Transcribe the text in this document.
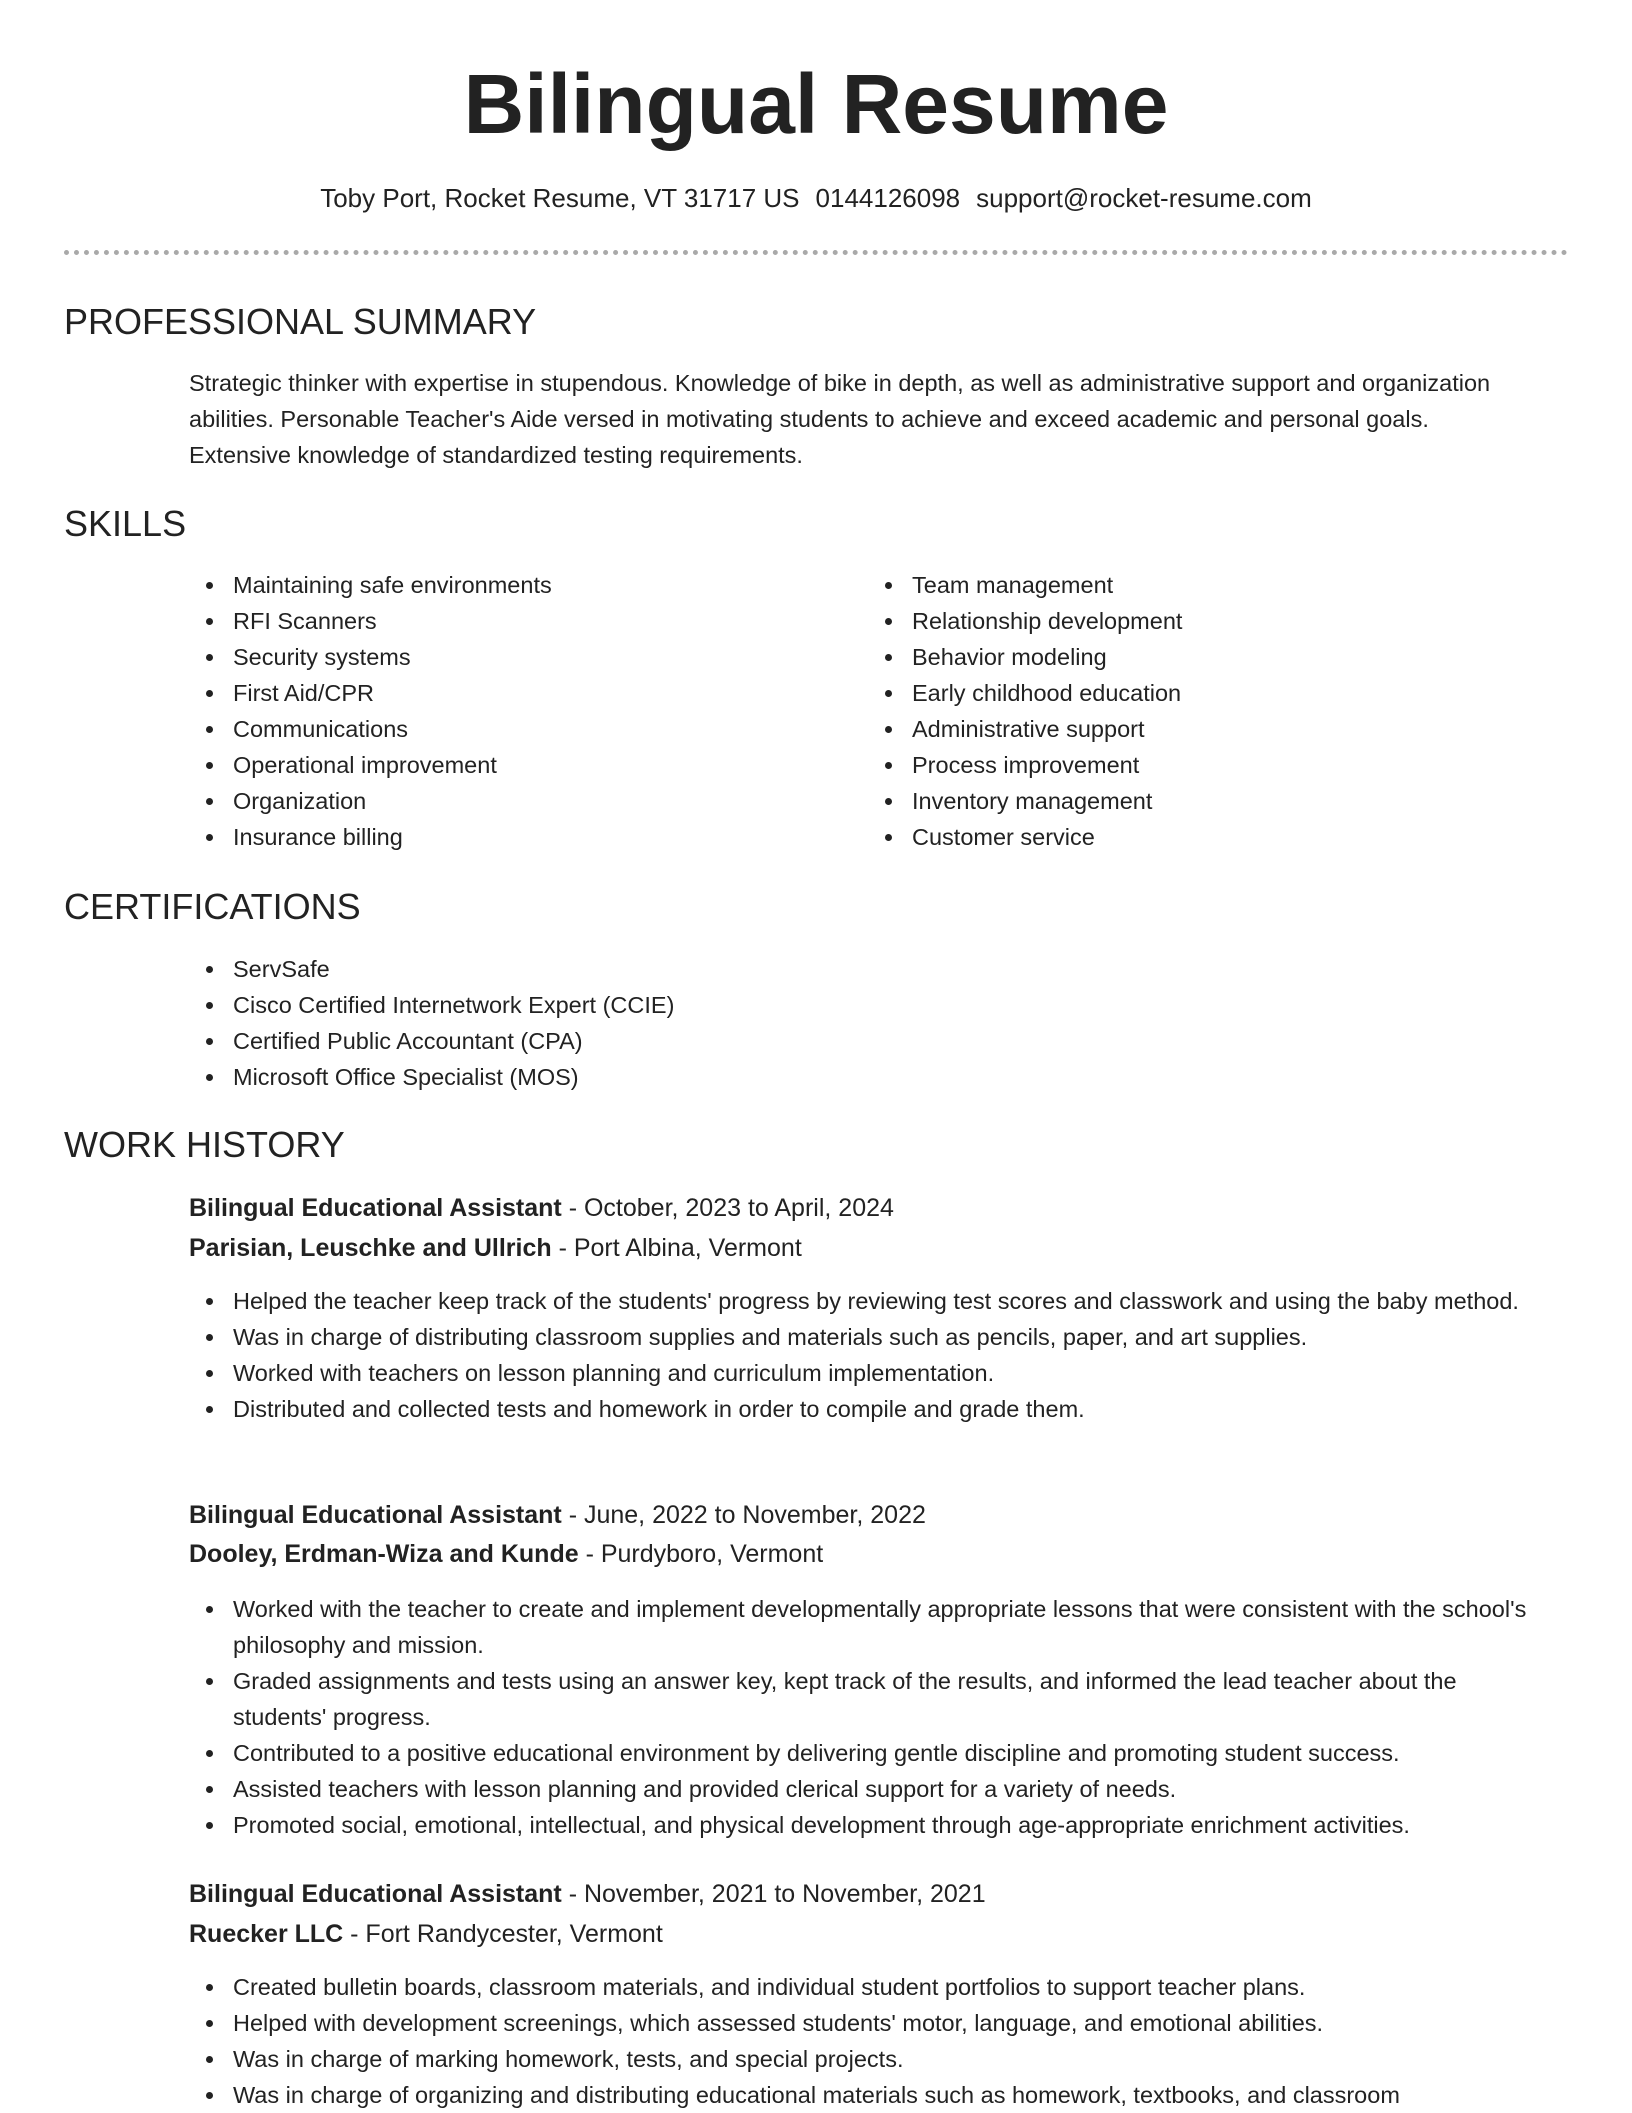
Bilingual Resume
Toby Port, Rocket Resume, VT 31717 US 0144126098 support@rocket-resume.com
PROFESSIONAL SUMMARY
Strategic thinker with expertise in stupendous. Knowledge of bike in depth, as well as administrative support and organization abilities. Personable Teacher's Aide versed in motivating students to achieve and exceed academic and personal goals. Extensive knowledge of standardized testing requirements.
SKILLS
Maintaining safe environments
RFI Scanners
Security systems
First Aid/CPR
Communications
Operational improvement
Organization
Insurance billing
Team management
Relationship development
Behavior modeling
Early childhood education
Administrative support
Process improvement
Inventory management
Customer service
CERTIFICATIONS
ServSafe
Cisco Certified Internetwork Expert (CCIE)
Certified Public Accountant (CPA)
Microsoft Office Specialist (MOS)
WORK HISTORY
Bilingual Educational Assistant - October, 2023 to April, 2024
Parisian, Leuschke and Ullrich - Port Albina, Vermont
Helped the teacher keep track of the students' progress by reviewing test scores and classwork and using the baby method.
Was in charge of distributing classroom supplies and materials such as pencils, paper, and art supplies.
Worked with teachers on lesson planning and curriculum implementation.
Distributed and collected tests and homework in order to compile and grade them.
Bilingual Educational Assistant - June, 2022 to November, 2022
Dooley, Erdman-Wiza and Kunde - Purdyboro, Vermont
Worked with the teacher to create and implement developmentally appropriate lessons that were consistent with the school's philosophy and mission.
Graded assignments and tests using an answer key, kept track of the results, and informed the lead teacher about the students' progress.
Contributed to a positive educational environment by delivering gentle discipline and promoting student success.
Assisted teachers with lesson planning and provided clerical support for a variety of needs.
Promoted social, emotional, intellectual, and physical development through age-appropriate enrichment activities.
Bilingual Educational Assistant - November, 2021 to November, 2021
Ruecker LLC - Fort Randycester, Vermont
Created bulletin boards, classroom materials, and individual student portfolios to support teacher plans.
Helped with development screenings, which assessed students' motor, language, and emotional abilities.
Was in charge of marking homework, tests, and special projects.
Was in charge of organizing and distributing educational materials such as homework, textbooks, and classroom
